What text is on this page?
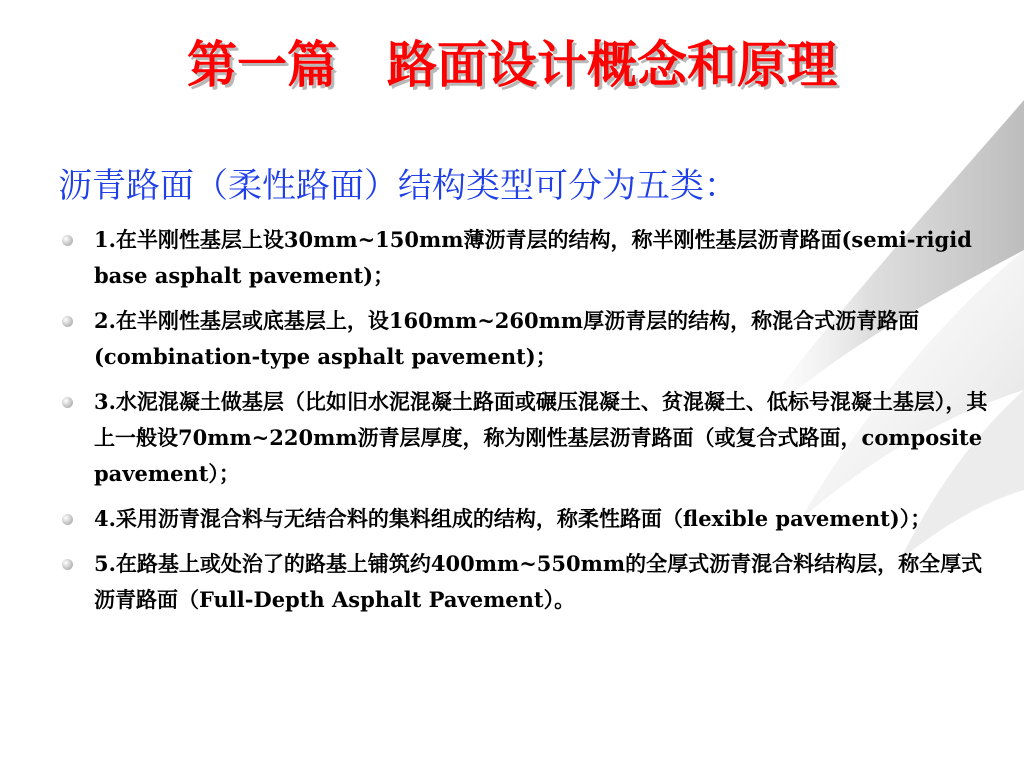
第一篇　路面设计概念和原理

沥青路面（柔性路面）结构类型可分为五类：

1.在半刚性基层上设30mm~150mm薄沥青层的结构，称半刚性基层沥青路面(semi-rigid base asphalt pavement)；
2.在半刚性基层或底基层上，设160mm~260mm厚沥青层的结构，称混合式沥青路面(combination-type asphalt pavement)；
3.水泥混凝土做基层（比如旧水泥混凝土路面或碾压混凝土、贫混凝土、低标号混凝土基层），其上一般设70mm~220mm沥青层厚度，称为刚性基层沥青路面（或复合式路面，composite pavement）；
4.采用沥青混合料与无结合料的集料组成的结构，称柔性路面（flexible pavement)）；
5.在路基上或处治了的路基上铺筑约400mm~550mm的全厚式沥青混合料结构层，称全厚式沥青路面（Full-Depth Asphalt Pavement）。
